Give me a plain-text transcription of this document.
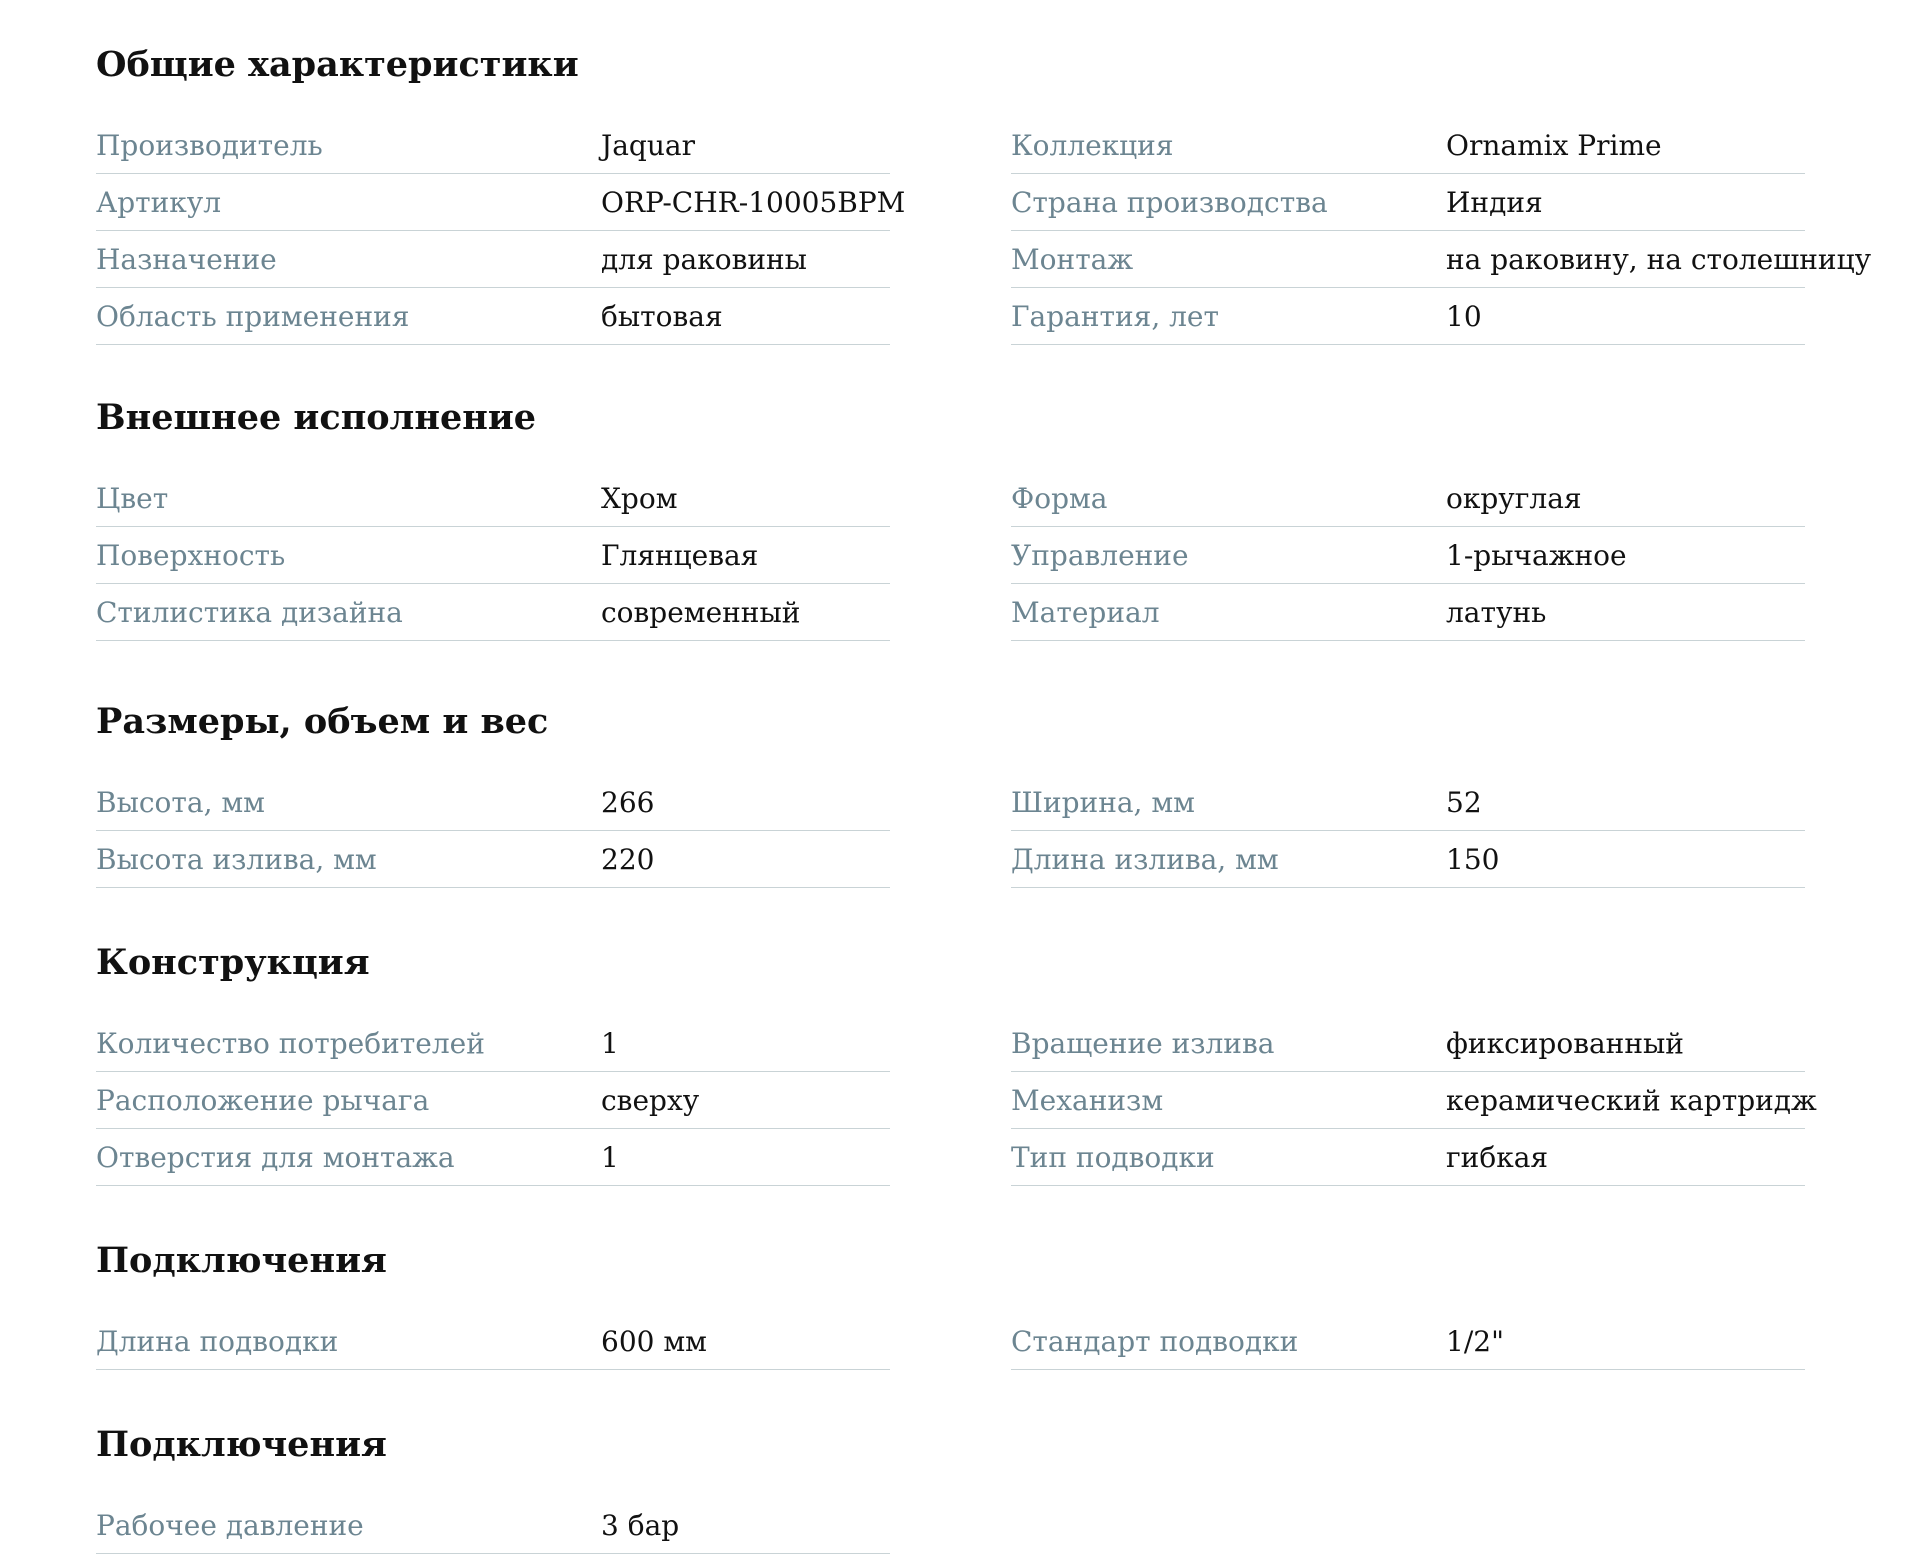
Общие характеристики
Производитель	Jaquar
Артикул	ORP-CHR-10005BPM
Назначение	для раковины
Область применения	бытовая
Коллекция	Ornamix Prime
Страна производства	Индия
Монтаж	на раковину, на столешницу
Гарантия, лет	10
Внешнее исполнение
Цвет	Хром
Поверхность	Глянцевая
Стилистика дизайна	современный
Форма	округлая
Управление	1-рычажное
Материал	латунь
Размеры, объем и вес
Высота, мм	266
Высота излива, мм	220
Ширина, мм	52
Длина излива, мм	150
Конструкция
Количество потребителей	1
Расположение рычага	сверху
Отверстия для монтажа	1
Вращение излива	фиксированный
Механизм	керамический картридж
Тип подводки	гибкая
Подключения
Длина подводки	600 мм	Стандарт подводки	1/2"
Подключения
Рабочее давление	3 бар
